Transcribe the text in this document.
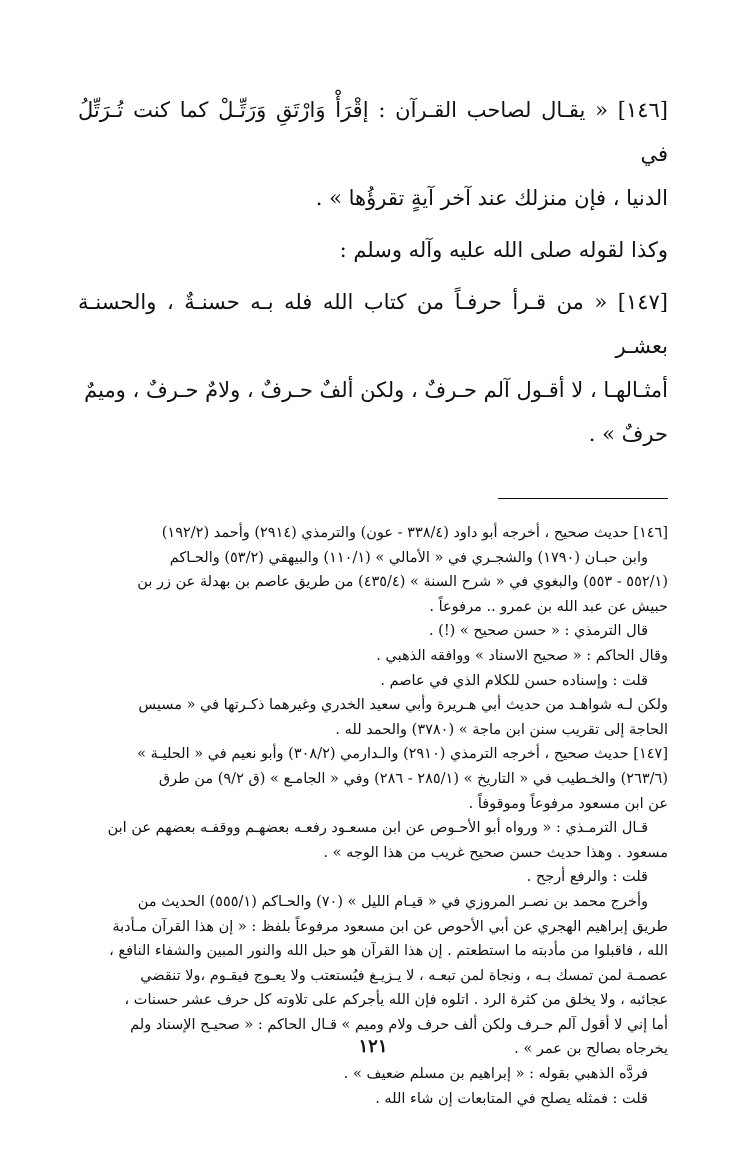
[١٤٦] « يقـال لصاحب القـرآن : إقْرَأْ وَارْتَقِ وَرَتِّـلْ كما كنت تُـرَتِّلُ في

الدنيا ، فإن منزلك عند آخر آيةٍ تقرؤُها » .

وكذا لقوله صلى الله عليه وآله وسلم :

[١٤٧] « من قـرأ حرفـاً من كتاب الله فله بـه حسنـةٌ ، والحسنـة بعشـر

أمثـالهـا ، لا أقـول آلم حـرفٌ ، ولكن ألفٌ حـرفٌ ، ولامٌ حـرفٌ ، وميمٌ

حرفٌ » .

[١٤٦] حديث صحيح ، أخرجه أبو داود (٣٣٨/٤ - عون) والترمذي (٢٩١٤) وأحمد (١٩٢/٢)

وابن حبـان (١٧٩٠) والشجـري في « الأمالي » (١١٠/١) والبيهقي (٥٣/٢) والحـاكم

(٥٥٢/١ - ٥٥٣) والبغوي في « شرح السنة » (٤٣٥/٤) من طريق عاصم بن بهدلة عن زر بن

حبيش عن عبد الله بن عمرو .. مرفوعاً .

قال الترمذي : « حسن صحيح » (!) .

وقال الحاكم : « صحيح الاسناد » ووافقه الذهبي .

قلت : وإسناده حسن للكلام الذي في عاصم .

ولكن لـه شواهـد من حديث أبي هـريرة وأبي سعيد الخدري وغيرهما ذكـرتها في « مسيس

الحاجة إلى تقريب سنن ابن ماجة » (٣٧٨٠) والحمد لله .

[١٤٧] حديث صحيح ، أخرجه الترمذي (٢٩١٠) والـدارمي (٣٠٨/٢) وأبو نعيم في « الحليـة »

(٢٦٣/٦) والخـطيب في « التاريخ » (٢٨٥/١ - ٢٨٦) وفي « الجامـع » (ق ٩/٢) من طرق

عن ابن مسعود مرفوعاً وموقوفاً .

قـال الترمـذي : « ورواه أبو الأحـوص عن ابن مسعـود رفعـه بعضهـم ووقفـه بعضهم عن ابن

مسعود . وهذا حديث حسن صحيح غريب من هذا الوجه » .

قلت : والرفع أرجح .

وأخرج محمد بن نصـر المروزي في « قيـام الليل » (٧٠) والحـاكم (٥٥٥/١) الحديث من

طريق إبراهيم الهجري عن أبي الأحوص عن ابن مسعود مرفوعاً بلفظ : « إن هذا القرآن مـأدبة

الله ، فاقبلوا من مأدبته ما استطعتم . إن هذا القرآن هو حبل الله والنور المبين والشفاء النافع ،

عصمـة لمن تمسك بـه ، ونجاة لمن تبعـه ، لا يـزيـغ فيُستعتب ولا يعـوج فيقـوم ،ولا تنقضي

عجائبه ، ولا يخلق من كثرة الرد . اتلوه فإن الله يأجركم على تلاوته كل حرف عشر حسنات ،

أما إني لا أقول آلم حـرف ولكن ألف حرف ولام وميم » قـال الحاكم : « صحيـح الإسناد ولم

يخرجاه بصالح بن عمر » .

فردَّه الذهبي بقوله : « إبراهيم بن مسلم ضعيف » .

قلت : فمثله يصلح في المتابعات إن شاء الله .

١٢١
